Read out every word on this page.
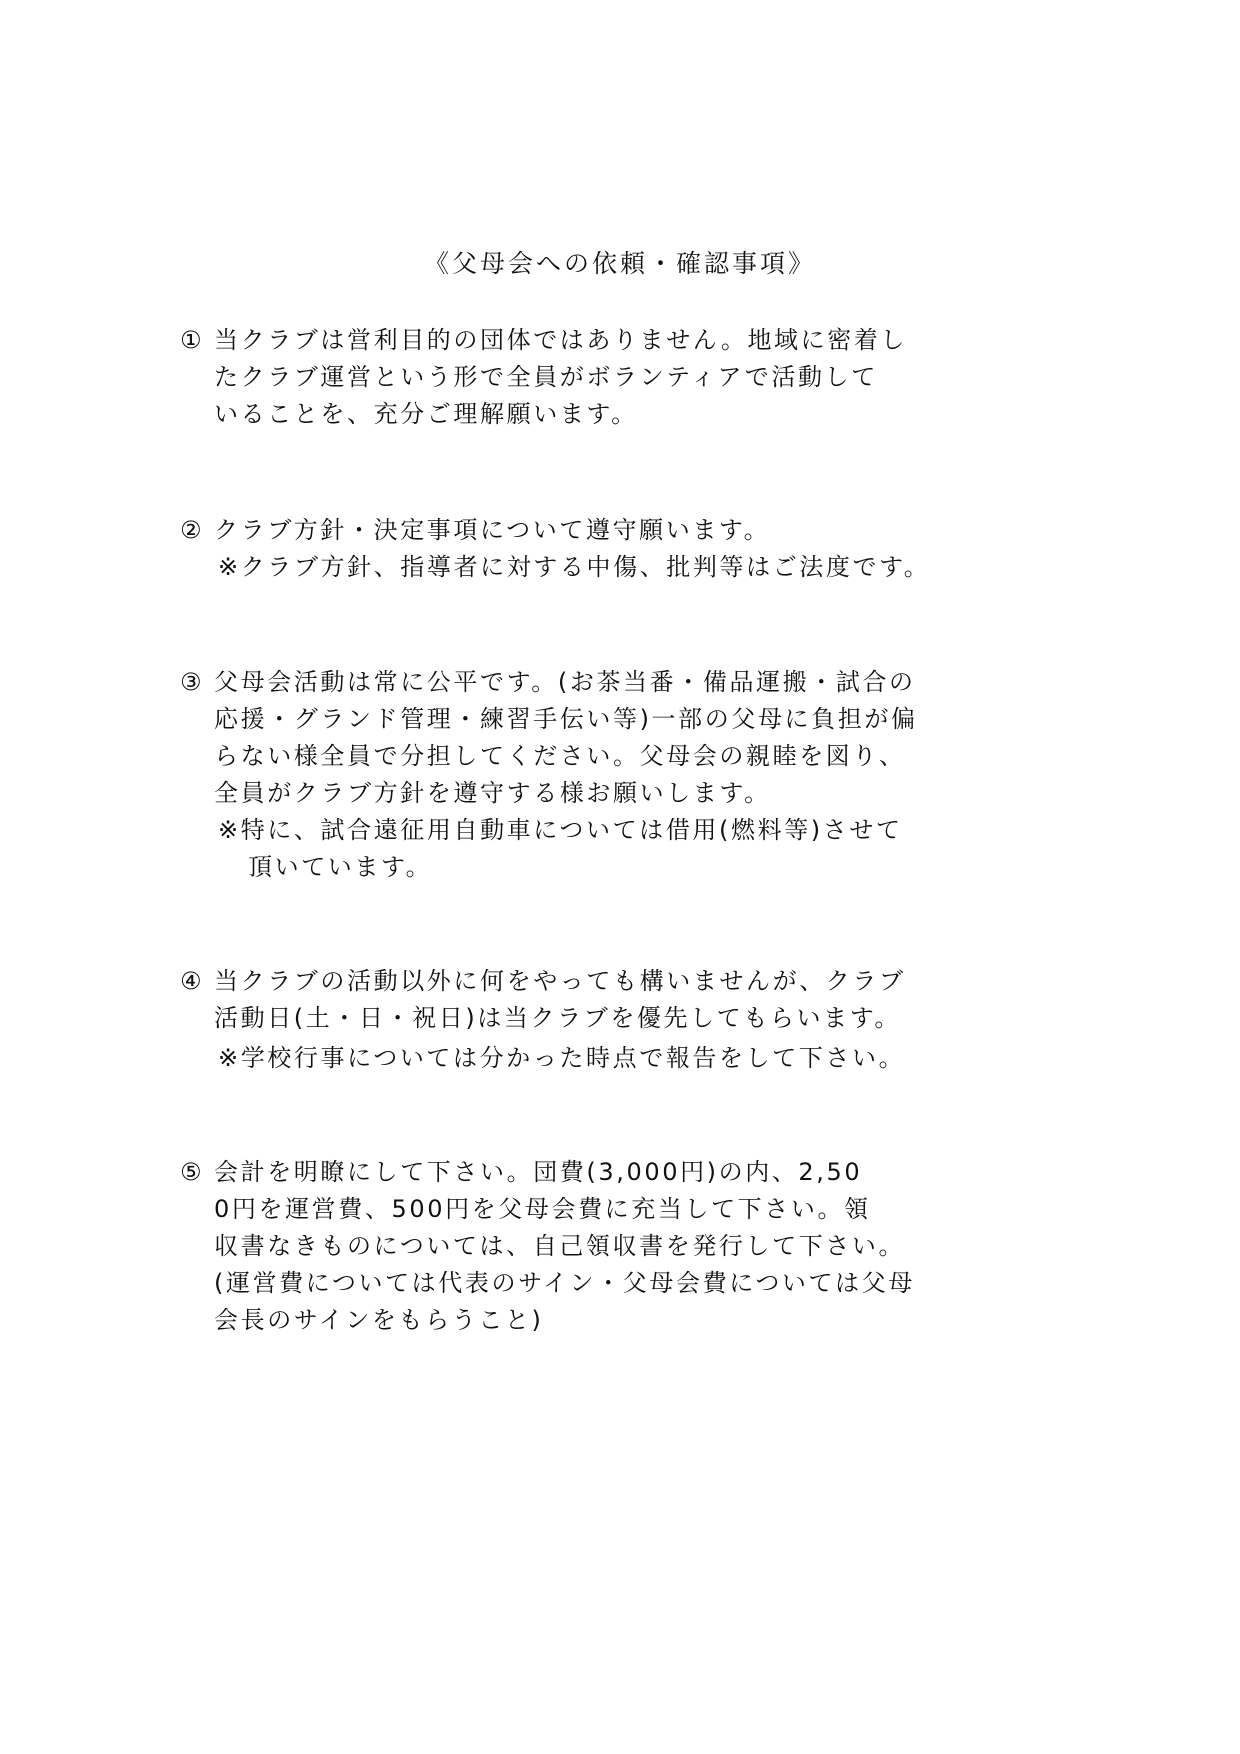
《父母会への依頼・確認事項》
① 当クラブは営利目的の団体ではありません。地域に密着し
たクラブ運営という形で全員がボランティアで活動して
いることを、充分ご理解願います。
② クラブ方針・決定事項について遵守願います。
※クラブ方針、指導者に対する中傷、批判等はご法度です。
③ 父母会活動は常に公平です。(お茶当番・備品運搬・試合の
応援・グランド管理・練習手伝い等)一部の父母に負担が偏
らない様全員で分担してください。父母会の親睦を図り、
全員がクラブ方針を遵守する様お願いします。
※特に、試合遠征用自動車については借用(燃料等)させて
頂いています。
④ 当クラブの活動以外に何をやっても構いませんが、クラブ
活動日(土・日・祝日)は当クラブを優先してもらいます。
※学校行事については分かった時点で報告をして下さい。
⑤ 会計を明瞭にして下さい。団費(3,000円)の内、2,50
0円を運営費、500円を父母会費に充当して下さい。領
収書なきものについては、自己領収書を発行して下さい。
(運営費については代表のサイン・父母会費については父母
会長のサインをもらうこと)
